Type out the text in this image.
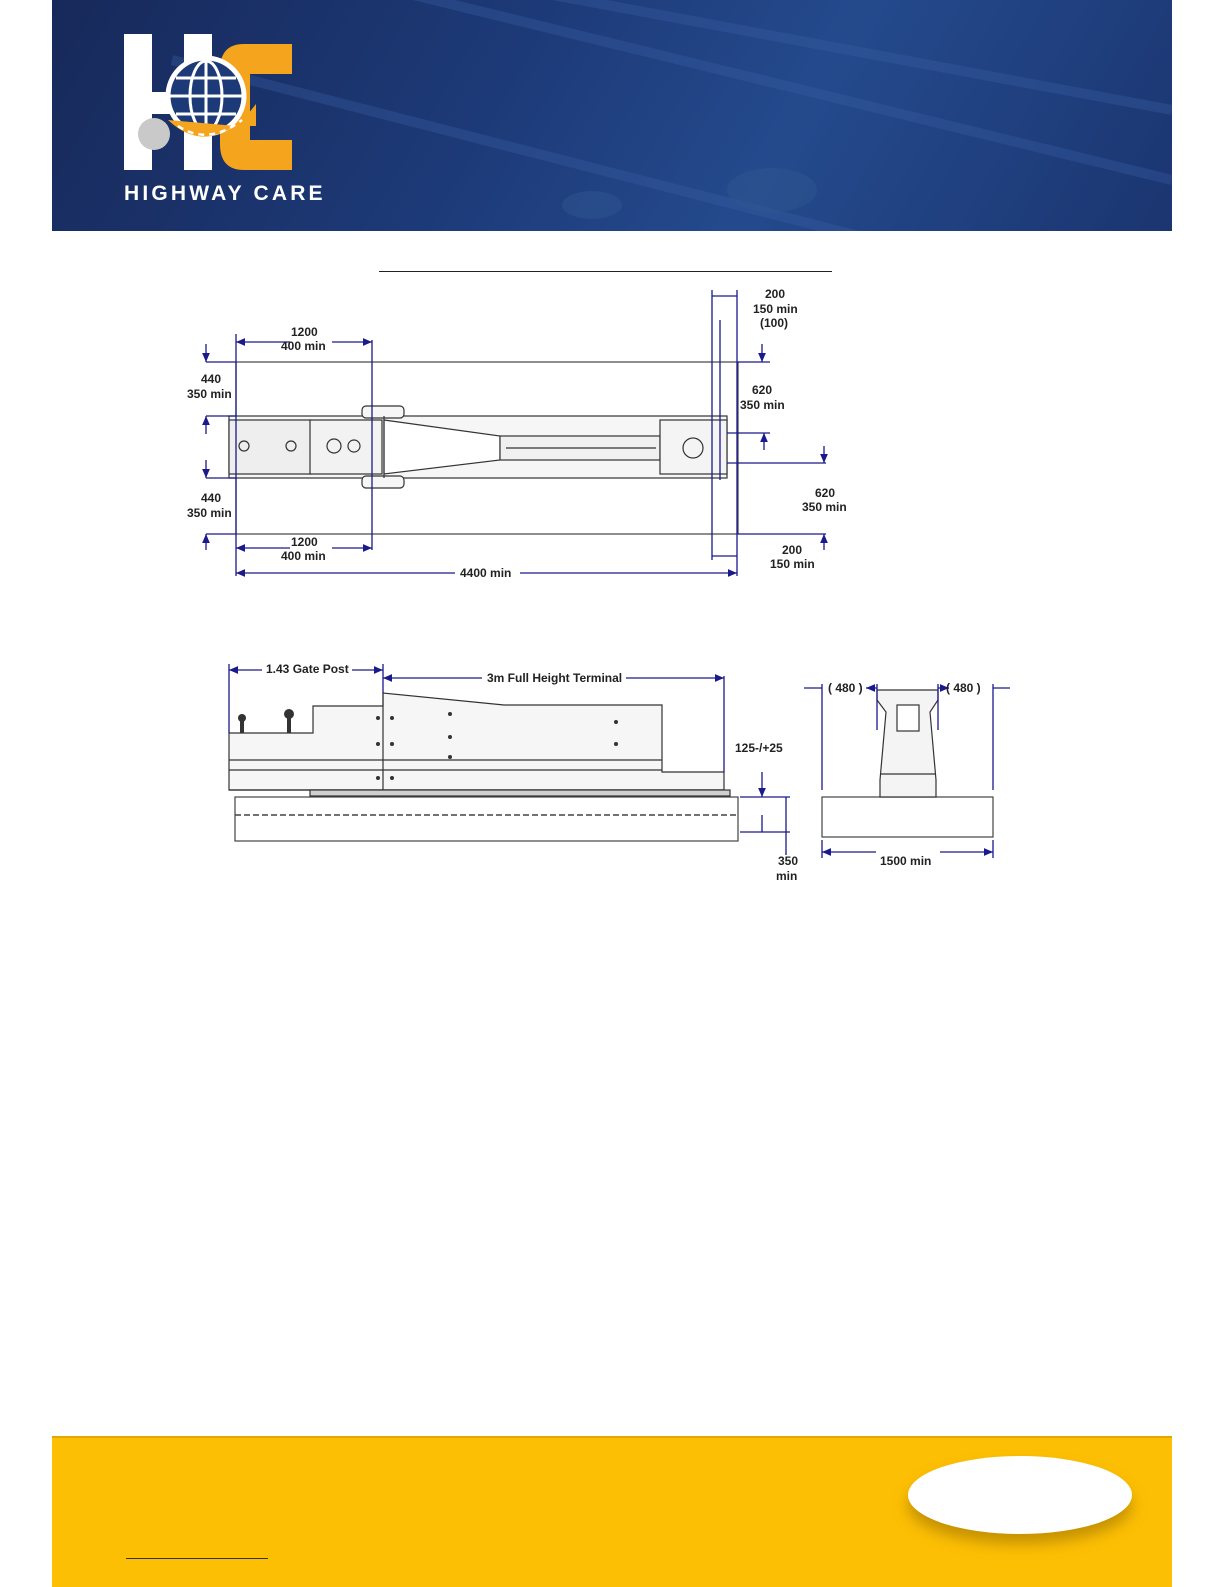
HIGHWAY CARE
1200
400 min
440
350 min
440
350 min
1200
400 min
4400 min
200
150 min
(100)
620
350 min
620
350 min
200
150 min
1.43 Gate Post
3m Full Height Terminal
125-/+25
350
min
( 480 )	( 480 )
1500 min
